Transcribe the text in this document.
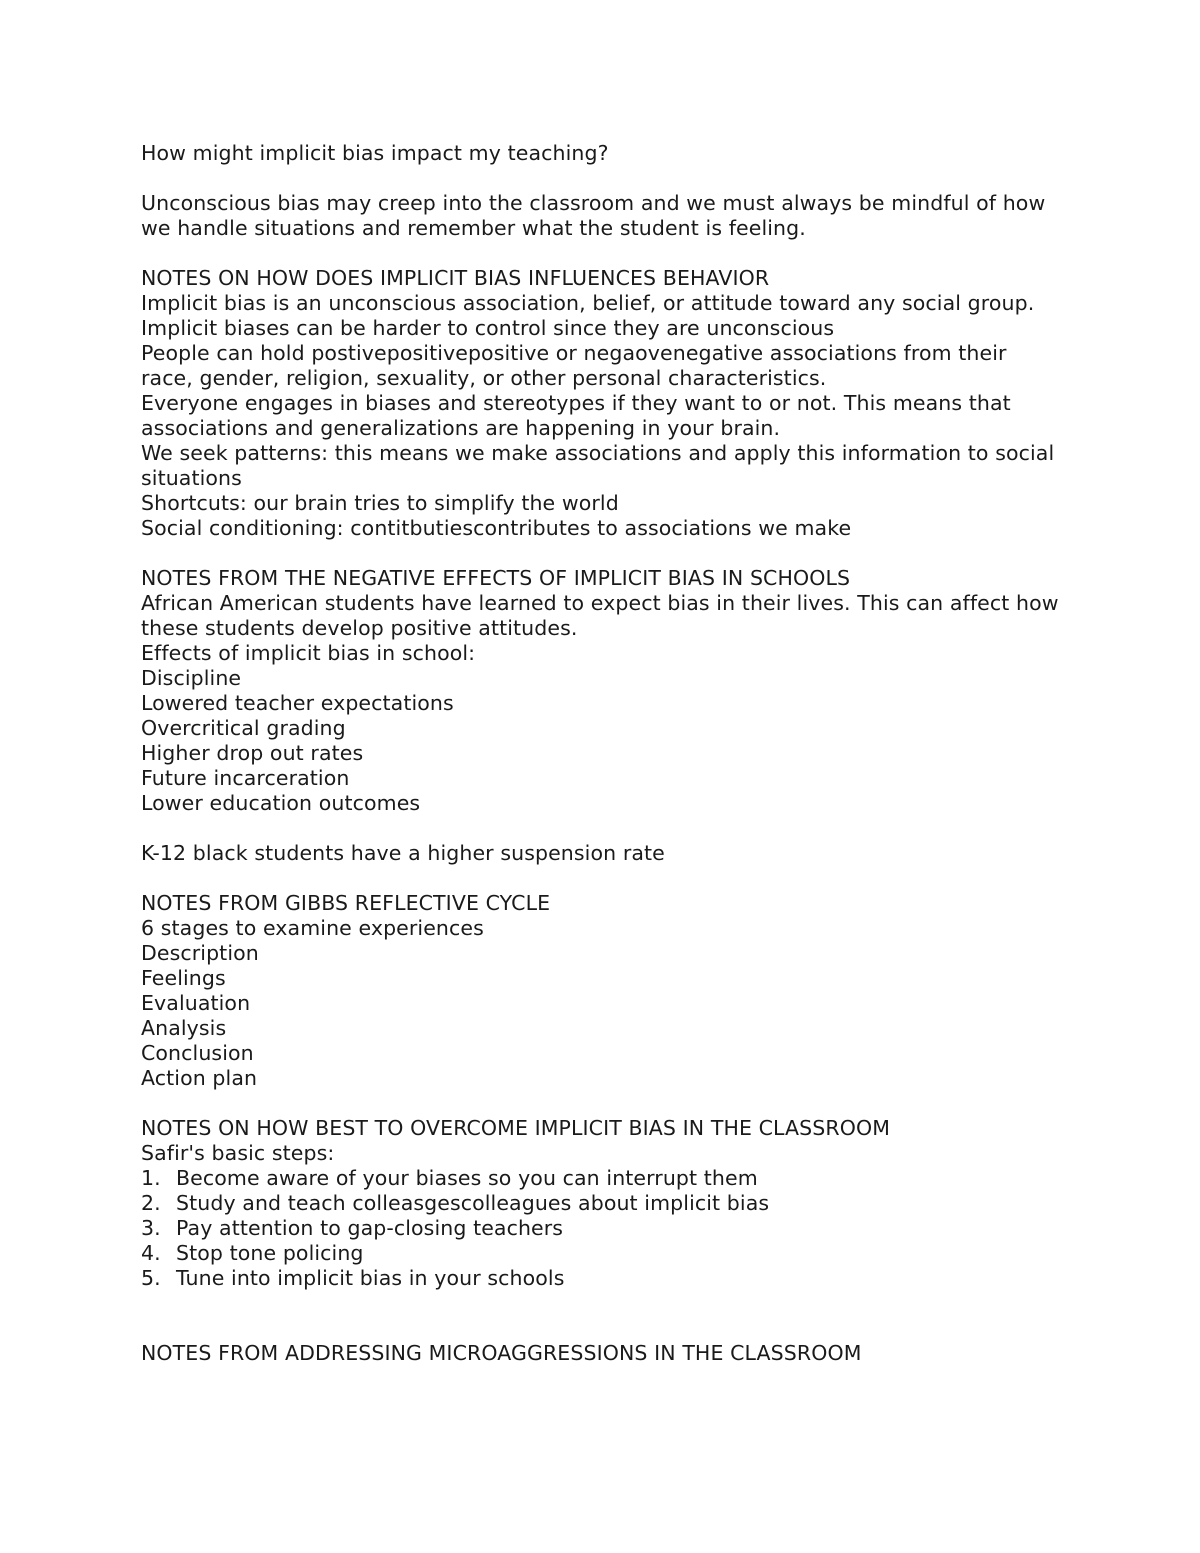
How might implicit bias impact my teaching?

Unconscious bias may creep into the classroom and we must always be mindful of how we handle situations and remember what the student is feeling.

NOTES ON HOW DOES IMPLICIT BIAS INFLUENCES BEHAVIOR

Implicit bias is an unconscious association, belief, or attitude toward any social group.

Implicit biases can be harder to control since they are unconscious

People can hold postivepositivepositive or negaovenegative associations from their race, gender, religion, sexuality, or other personal characteristics.

Everyone engages in biases and stereotypes if they want to or not. This means that associations and generalizations are happening in your brain.

We seek patterns: this means we make associations and apply this information to social situations

Shortcuts: our brain tries to simplify the world

Social conditioning: contitbutiescontributes to associations we make

NOTES FROM THE NEGATIVE EFFECTS OF IMPLICIT BIAS IN SCHOOLS

African American students have learned to expect bias in their lives. This can affect how these students develop positive attitudes.

Effects of implicit bias in school:

Discipline

Lowered teacher expectations

Overcritical grading

Higher drop out rates

Future incarceration

Lower education outcomes

K-12 black students have a higher suspension rate

NOTES FROM GIBBS REFLECTIVE CYCLE

6 stages to examine experiences

Description

Feelings

Evaluation

Analysis

Conclusion

Action plan

NOTES ON HOW BEST TO OVERCOME IMPLICIT BIAS IN THE CLASSROOM

Safir's basic steps:

1. Become aware of your biases so you can interrupt them
2. Study and teach colleasgescolleagues about implicit bias
3. Pay attention to gap-closing teachers
4. Stop tone policing
5. Tune into implicit bias in your schools

NOTES FROM ADDRESSING MICROAGGRESSIONS IN THE CLASSROOM
